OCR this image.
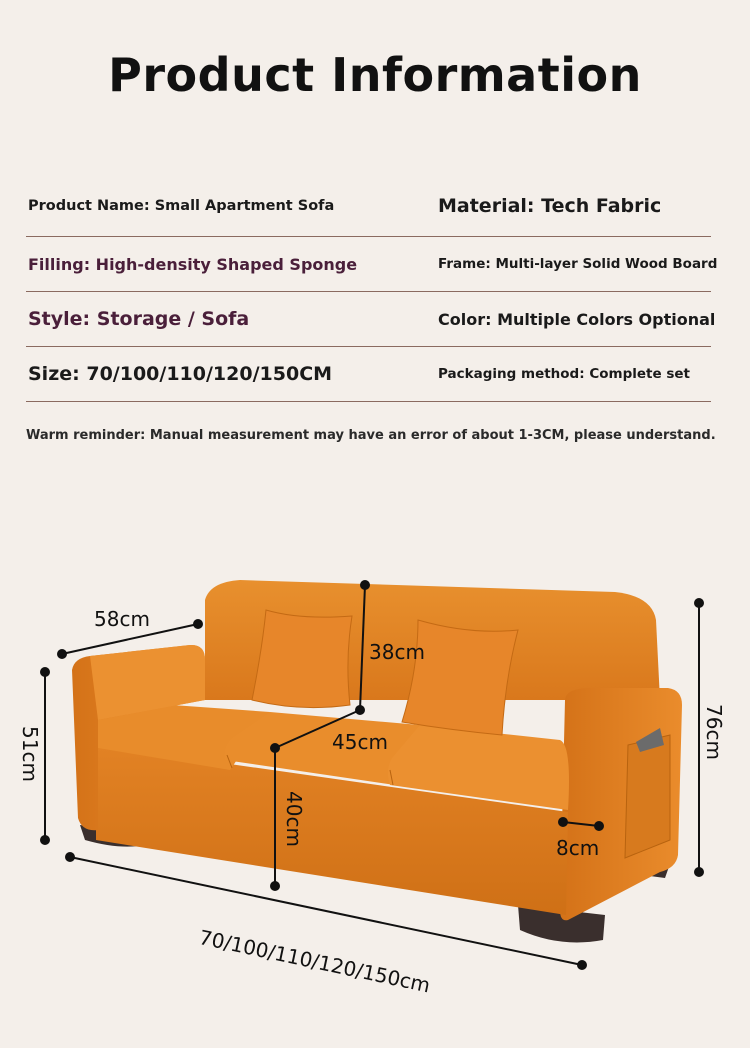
Product Information
Product Name: Small Apartment Sofa	Material: Tech Fabric
Filling: High-density Shaped Sponge	Frame: Multi-layer Solid Wood Board
Style: Storage / Sofa	Color: Multiple Colors Optional
Size: 70/100/110/120/150CM	Packaging method: Complete set
Warm reminder: Manual measurement may have an error of about 1-3CM, please understand.
58cm
38cm
45cm
8cm
51cm
40cm
76cm
70/100/110/120/150cm
